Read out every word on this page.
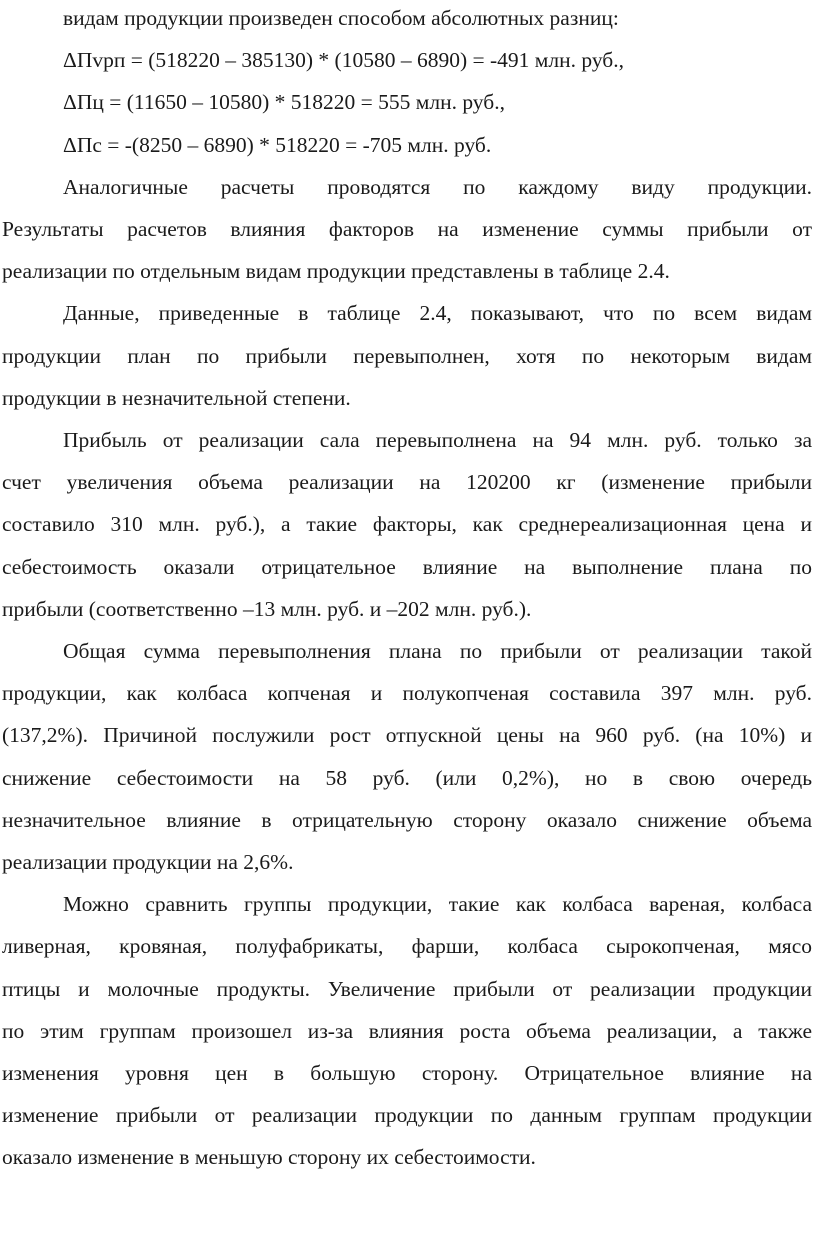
видам продукции произведен способом абсолютных разниц:
ΔПvрп = (518220 – 385130) * (10580 – 6890) = -491 млн. руб.,
ΔПц = (11650 – 10580) * 518220 = 555 млн. руб.,
ΔПс = -(8250 – 6890) * 518220 = -705 млн. руб.
Аналогичные расчеты проводятся по каждому виду продукции.
Результаты расчетов влияния факторов на изменение суммы прибыли от
реализации по отдельным видам продукции представлены в таблице 2.4.
Данные, приведенные в таблице 2.4, показывают, что по всем видам
продукции план по прибыли перевыполнен, хотя по некоторым видам
продукции в незначительной степени.
Прибыль от реализации сала перевыполнена на 94 млн. руб. только за
счет увеличения объема реализации на 120200 кг (изменение прибыли
составило 310 млн. руб.), а такие факторы, как среднереализационная цена и
себестоимость оказали отрицательное влияние на выполнение плана по
прибыли (соответственно –13 млн. руб. и –202 млн. руб.).
Общая сумма перевыполнения плана по прибыли от реализации такой
продукции, как колбаса копченая и полукопченая составила 397 млн. руб.
(137,2%). Причиной послужили рост отпускной цены на 960 руб. (на 10%) и
снижение себестоимости на 58 руб. (или 0,2%), но в свою очередь
незначительное влияние в отрицательную сторону оказало снижение объема
реализации продукции на 2,6%.
Можно сравнить группы продукции, такие как колбаса вареная, колбаса
ливерная, кровяная, полуфабрикаты, фарши, колбаса сырокопченая, мясо
птицы и молочные продукты. Увеличение прибыли от реализации продукции
по этим группам произошел из-за влияния роста объема реализации, а также
изменения уровня цен в большую сторону. Отрицательное влияние на
изменение прибыли от реализации продукции по данным группам продукции
оказало изменение в меньшую сторону их себестоимости.
